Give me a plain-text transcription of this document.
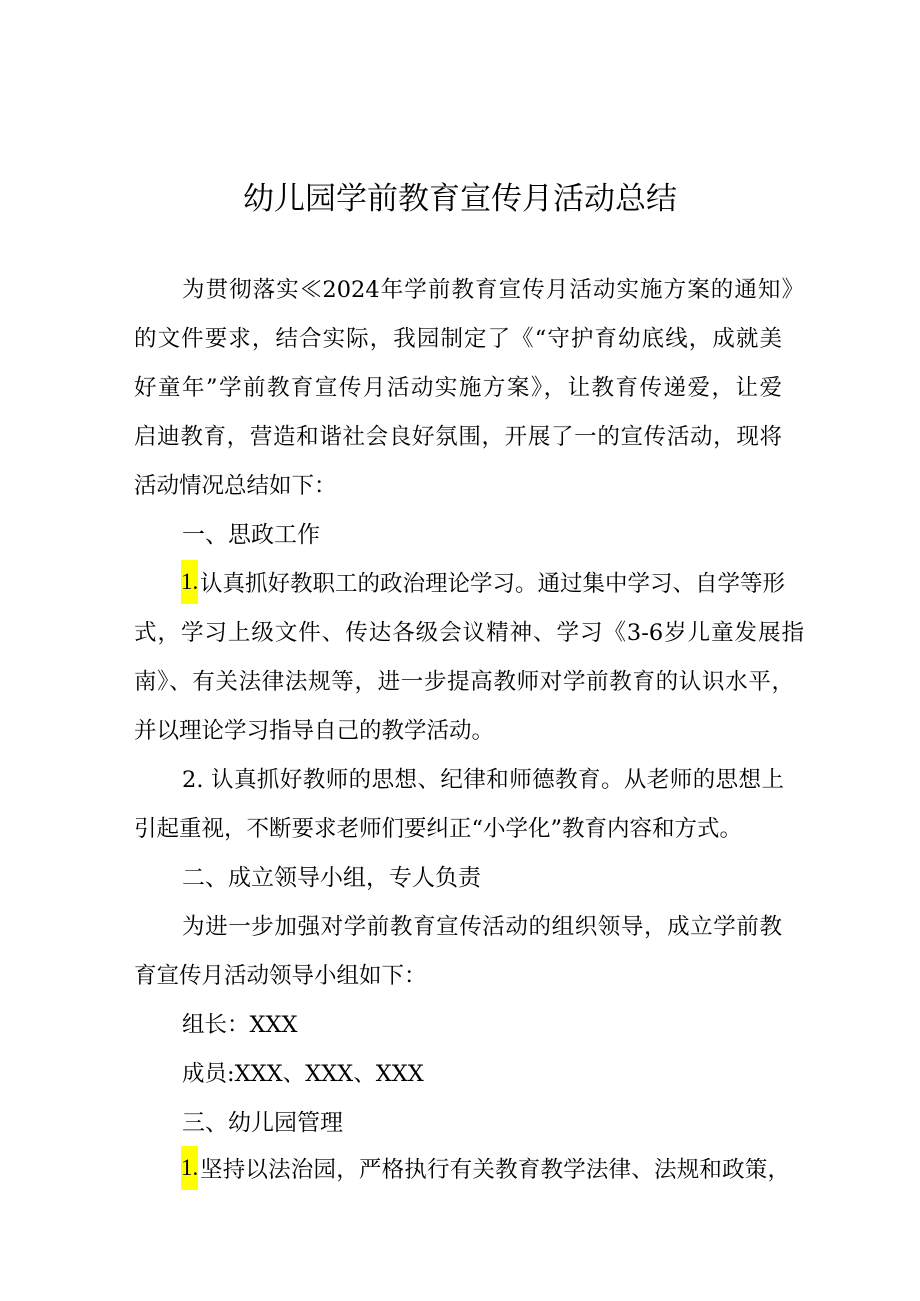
幼儿园学前教育宣传月活动总结

为贯彻落实≪2024年学前教育宣传月活动实施方案的通知》

的文件要求，结合实际，我园制定了《“守护育幼底线，成就美

好童年”学前教育宣传月活动实施方案》，让教育传递爱，让爱

启迪教育，营造和谐社会良好氛围，开展了一的宣传活动，现将

活动情况总结如下：

一、思政工作

1. 认真抓好教职工的政治理论学习。通过集中学习、自学等形

式，学习上级文件、传达各级会议精神、学习《3-6岁儿童发展指

南》、有关法律法规等，进一步提高教师对学前教育的认识水平，

并以理论学习指导自己的教学活动。

2. 认真抓好教师的思想、纪律和师德教育。从老师的思想上

引起重视，不断要求老师们要纠正“小学化”教育内容和方式。

二、成立领导小组，专人负责

为进一步加强对学前教育宣传活动的组织领导，成立学前教

育宣传月活动领导小组如下：

组长：XXX

成员:XXX、XXX、XXX

三、幼儿园管理

1. 坚持以法治园，严格执行有关教育教学法律、法规和政策，
